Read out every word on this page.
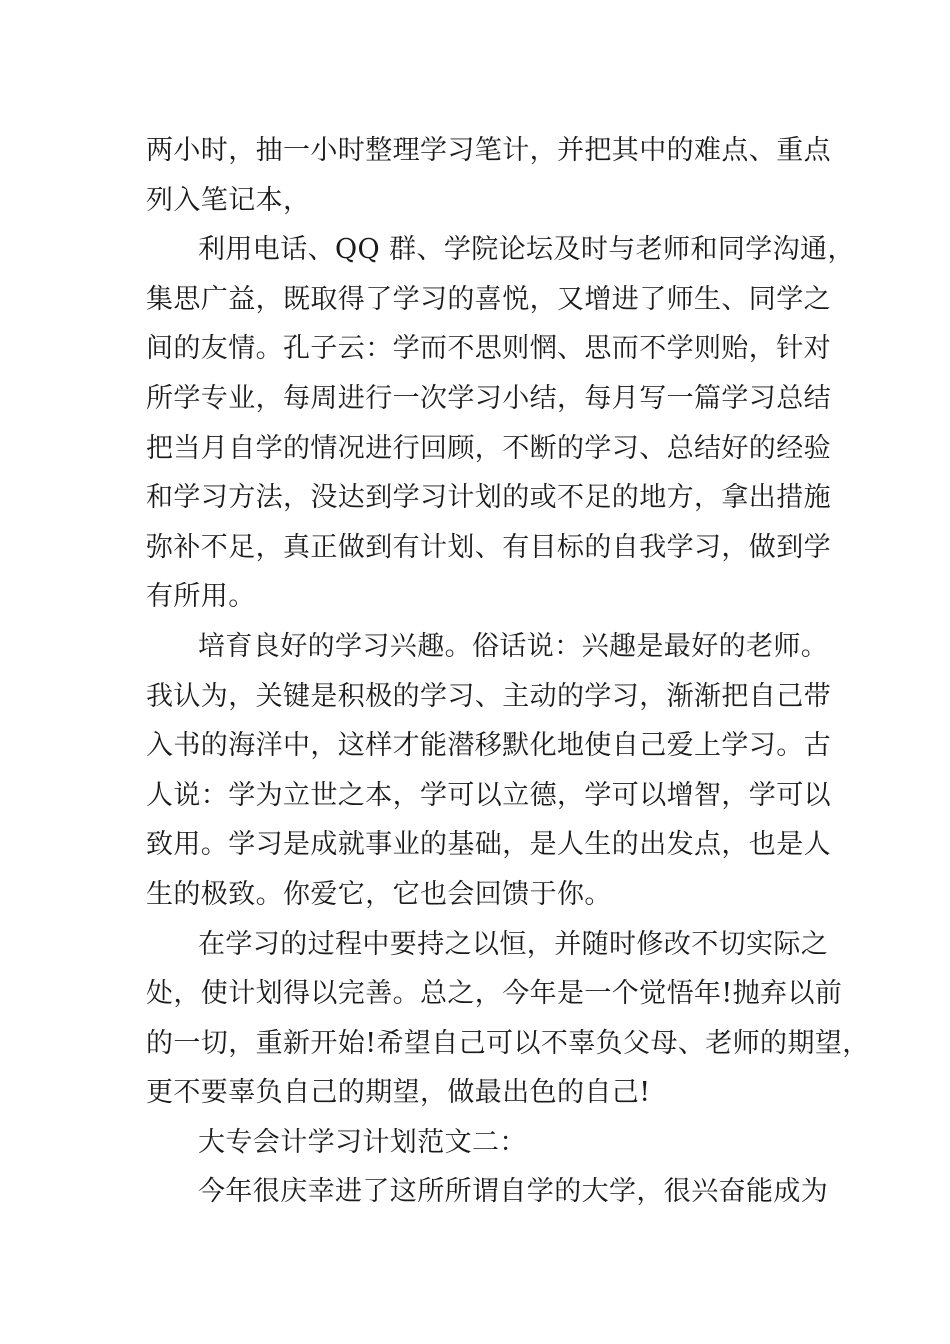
两小时，抽一小时整理学习笔计，并把其中的难点、重点
列入笔记本，
利用电话、QQ 群、学院论坛及时与老师和同学沟通，
集思广益，既取得了学习的喜悦，又增进了师生、同学之
间的友情。孔子云：学而不思则惘、思而不学则贻，针对
所学专业，每周进行一次学习小结，每月写一篇学习总结
把当月自学的情况进行回顾，不断的学习、总结好的经验
和学习方法，没达到学习计划的或不足的地方，拿出措施
弥补不足，真正做到有计划、有目标的自我学习，做到学
有所用。
培育良好的学习兴趣。俗话说：兴趣是最好的老师。
我认为，关键是积极的学习、主动的学习，渐渐把自己带
入书的海洋中，这样才能潜移默化地使自己爱上学习。古
人说：学为立世之本，学可以立德，学可以增智，学可以
致用。学习是成就事业的基础，是人生的出发点，也是人
生的极致。你爱它，它也会回馈于你。
在学习的过程中要持之以恒，并随时修改不切实际之
处，使计划得以完善。总之，今年是一个觉悟年!抛弃以前
的一切，重新开始!希望自己可以不辜负父母、老师的期望，
更不要辜负自己的期望，做最出色的自己!
大专会计学习计划范文二：
今年很庆幸进了这所所谓自学的大学，很兴奋能成为
